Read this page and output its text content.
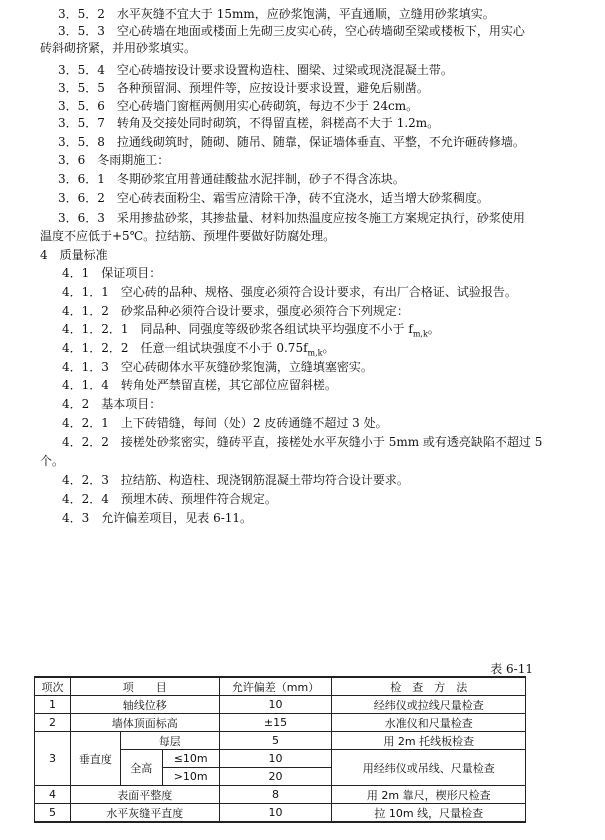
3．5．2　水平灰缝不宜大于 15mm，应砂浆饱满，平直通顺，立缝用砂浆填实。
3．5．3　空心砖墙在地面或楼面上先砌三皮实心砖，空心砖墙砌至梁或楼板下，用实心
砖斜砌挤紧，并用砂浆填实。
3．5．4　空心砖墙按设计要求设置构造柱、圈梁、过梁或现浇混凝土带。
3．5．5　各种预留洞、预埋件等，应按设计要求设置，避免后剔凿。
3．5．6　空心砖墙门窗框两侧用实心砖砌筑，每边不少于 24cm。
3．5．7　转角及交接处同时砌筑，不得留直槎，斜槎高不大于 1.2m。
3．5．8　拉通线砌筑时，随砌、随吊、随靠，保证墙体垂直、平整，不允许砸砖修墙。
3．6　冬雨期施工：
3．6．1　冬期砂浆宜用普通硅酸盐水泥拌制，砂子不得含冻块。
3．6．2　空心砖表面粉尘、霜雪应清除干净，砖不宜浇水，适当增大砂浆稠度。
3．6．3　采用掺盐砂浆，其掺盐量、材料加热温度应按冬施工方案规定执行，砂浆使用
温度不应低于+5℃。拉结筋、预埋件要做好防腐处理。
4　质量标准
4．1　保证项目：
4．1．1　空心砖的品种、规格、强度必须符合设计要求，有出厂合格证、试验报告。
4．1．2　砂浆品种必须符合设计要求，强度必须符合下列规定：
4．1．2．1　同品种、同强度等级砂浆各组试块平均强度不小于 $f_{m,k}$。
4．1．2．2　任意一组试块强度不小于 $0.75f_{m,k}$。
4．1．3　空心砖砌体水平灰缝砂浆饱满，立缝填塞密实。
4．1．4　转角处严禁留直槎，其它部位应留斜槎。
4．2　基本项目：
4．2．1　上下砖错缝，每间（处）2 皮砖通缝不超过 3 处。
4．2．2　接槎处砂浆密实，缝砖平直，接槎处水平灰缝小于 5mm 或有透亮缺陷不超过 5
个。
4．2．3　拉结筋、构造柱、现浇钢筋混凝土带均符合设计要求。
4．2．4　预埋木砖、预埋件符合规定。
4．3　允许偏差项目，见表 6-11。
表 6-11
项次	项　　目			允许偏差（mm）	检　查　方　法
1	轴线位移			10	经纬仪或拉线尺量检查
2	墙体顶面标高			±15	水准仪和尺量检查
3	垂直度	每层		5	用 2m 托线板检查
		全高	≤10m	10	用经纬仪或吊线、尺量检查
			>10m	20	
4	表面平整度			8	用 2m 靠尺，楔形尺检查
5	水平灰缝平直度			10	拉 10m 线，尺量检查
